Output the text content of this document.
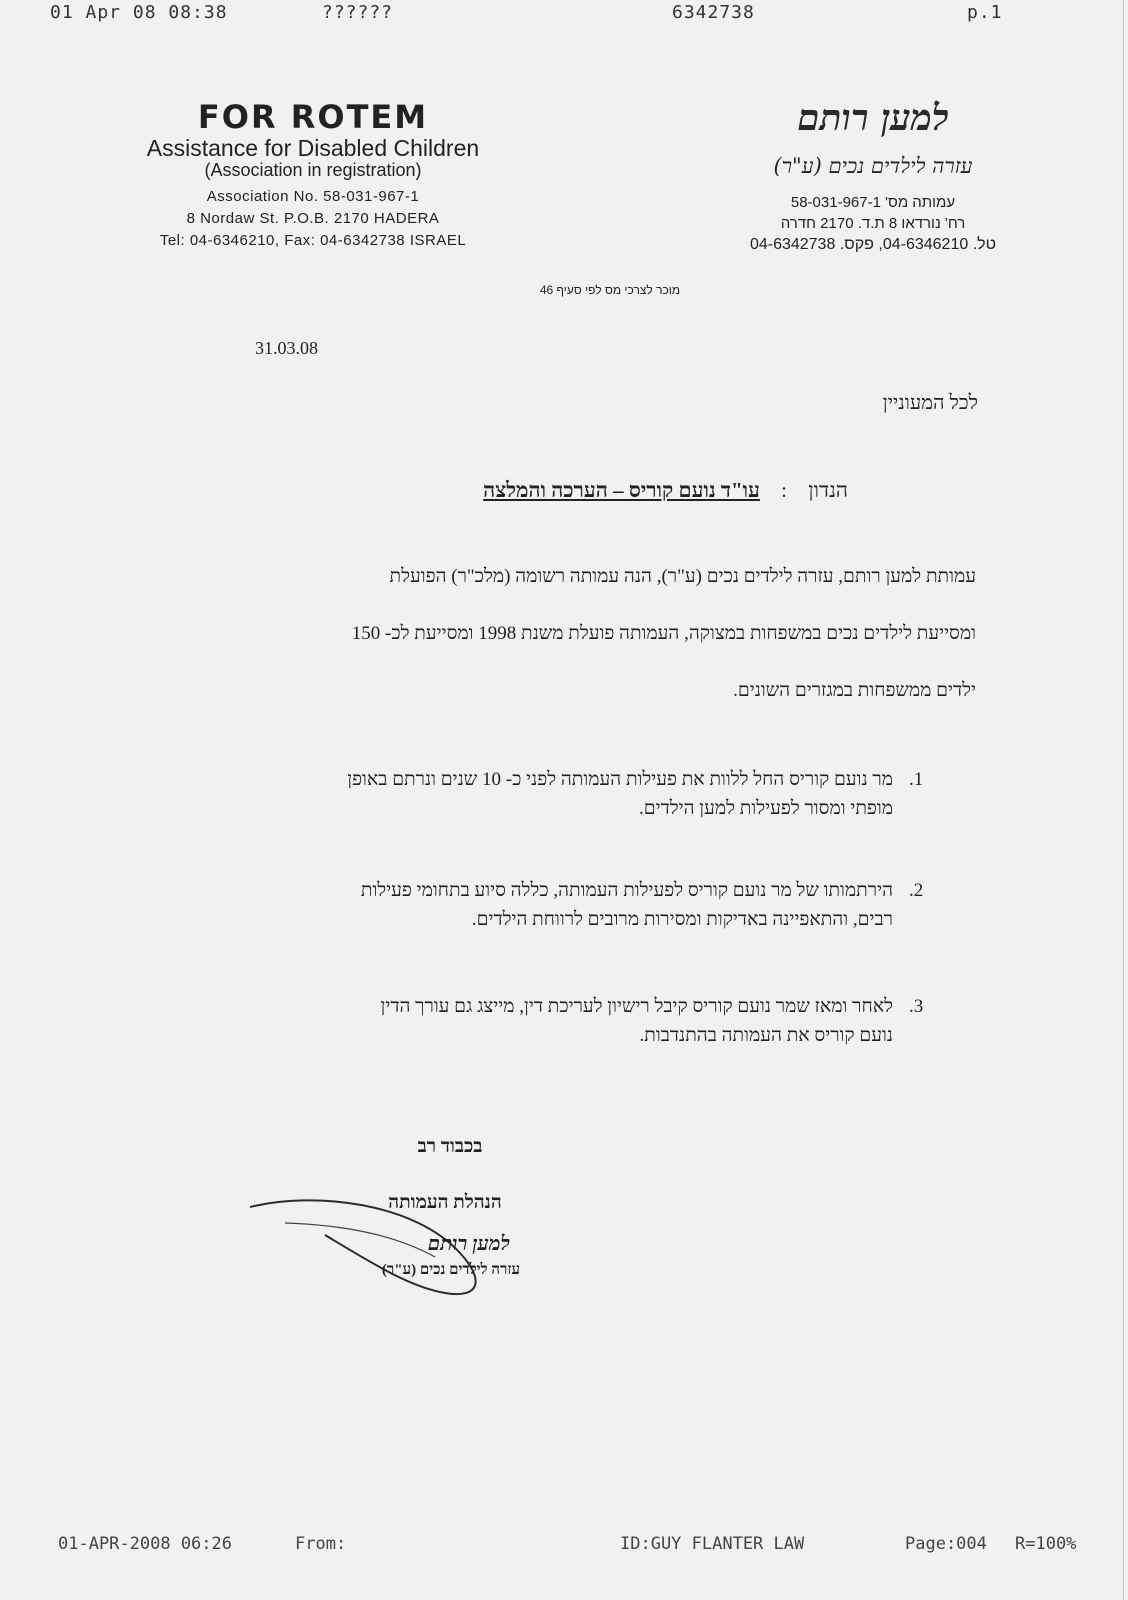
01 Apr 08 08:38	??????	6342738	p.1
FOR ROTEM
Assistance for Disabled Children
(Association in registration)
Association No. 58-031-967-1
8 Nordaw St. P.O.B. 2170 HADERA
Tel: 04-6346210, Fax: 04-6342738 ISRAEL
למען רותם
עזרה לילדים נכים (ע"ר)
עמותה מס' 58-031-967-1
רח' נורדאו 8 ת.ד. 2170 חדרה
טל. 04-6346210, פקס. 04-6342738
מוכר לצרכי מס לפי סעיף 46
31.03.08
לכל המעוניין
הנדון : עו"ד נועם קוריס – הערכה והמלצה
עמותת למען רותם, עזרה לילדים נכים (ע"ר), הנה עמותה רשומה (מלכ"ר) הפועלת
ומסייעת לילדים נכים במשפחות במצוקה, העמותה פועלת משנת 1998 ומסייעת לכ- 150
ילדים ממשפחות במגזרים השונים.
1.
מר נועם קוריס החל ללוות את פעילות העמותה לפני כ- 10 שנים ונרתם באופן
מופתי ומסור לפעילות למען הילדים.
2.
הירתמותו של מר נועם קוריס לפעילות העמותה, כללה סיוע בתחומי פעילות
רבים, והתאפיינה באדיקות ומסירות מרובים לרווחת הילדים.
3.
לאחר ומאז שמר נועם קוריס קיבל רישיון לעריכת דין, מייצג גם עורך הדין
נועם קוריס את העמותה בהתנדבות.
בכבוד רב
הנהלת העמותה
למען רותם
עזרה לילדים נכים (ע"ר)
01-APR-2008 06:26	From:	ID:GUY FLANTER LAW	Page:004 R=100%
